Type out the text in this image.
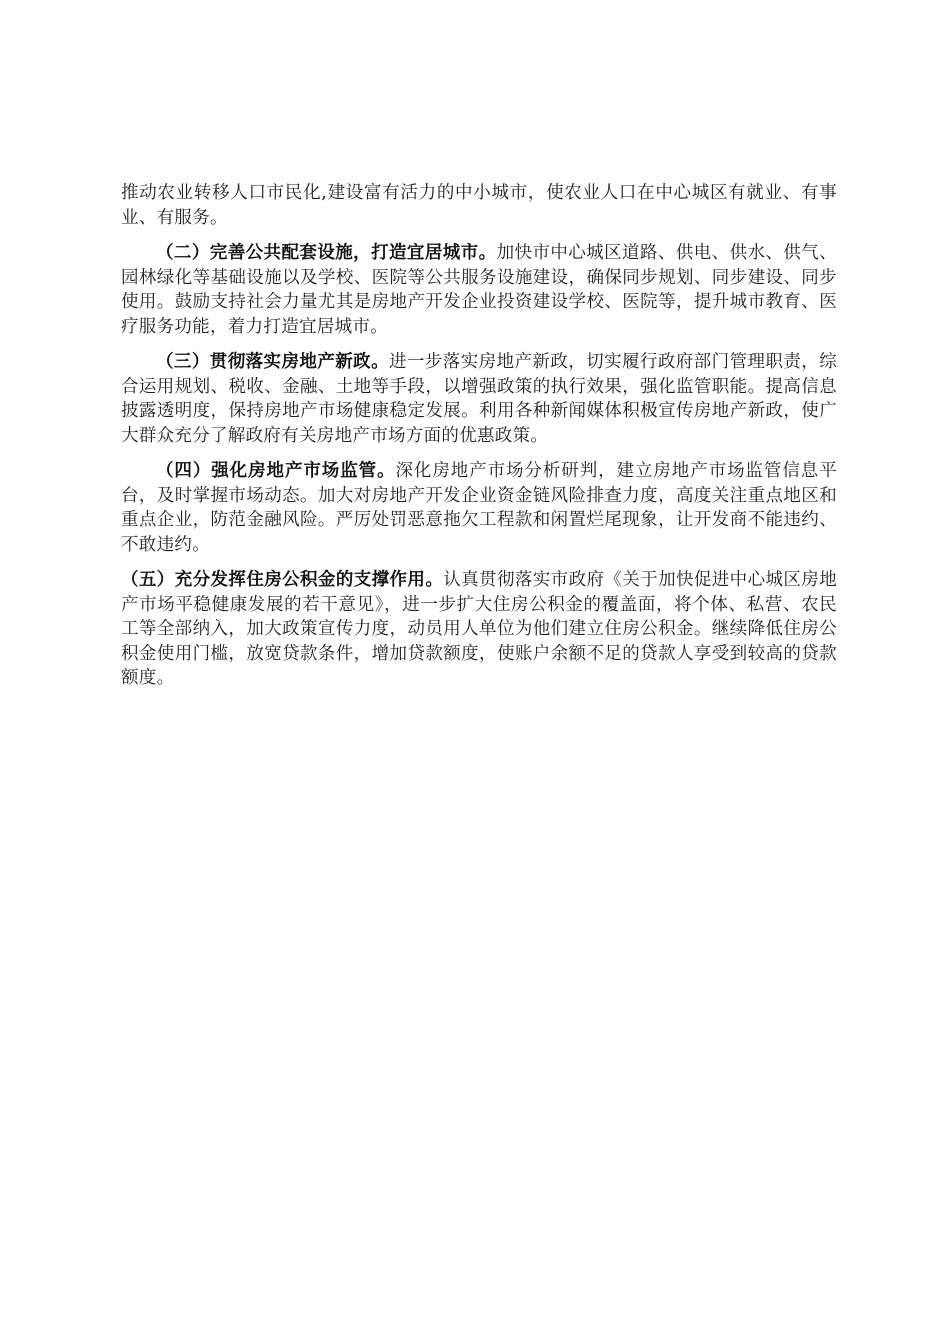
推动农业转移人口市民化,建设富有活力的中小城市，使农业人口在中心城区有就业、有事业、有服务。

（二）完善公共配套设施，打造宜居城市。加快市中心城区道路、供电、供水、供气、园林绿化等基础设施以及学校、医院等公共服务设施建设，确保同步规划、同步建设、同步使用。鼓励支持社会力量尤其是房地产开发企业投资建设学校、医院等，提升城市教育、医疗服务功能，着力打造宜居城市。

（三）贯彻落实房地产新政。进一步落实房地产新政，切实履行政府部门管理职责，综合运用规划、税收、金融、土地等手段，以增强政策的执行效果，强化监管职能。提高信息披露透明度，保持房地产市场健康稳定发展。利用各种新闻媒体积极宣传房地产新政，使广大群众充分了解政府有关房地产市场方面的优惠政策。

（四）强化房地产市场监管。深化房地产市场分析研判，建立房地产市场监管信息平台，及时掌握市场动态。加大对房地产开发企业资金链风险排查力度，高度关注重点地区和重点企业，防范金融风险。严厉处罚恶意拖欠工程款和闲置烂尾现象，让开发商不能违约、不敢违约。

（五）充分发挥住房公积金的支撑作用。认真贯彻落实市政府《关于加快促进中心城区房地产市场平稳健康发展的若干意见》，进一步扩大住房公积金的覆盖面，将个体、私营、农民工等全部纳入，加大政策宣传力度，动员用人单位为他们建立住房公积金。继续降低住房公积金使用门槛，放宽贷款条件，增加贷款额度，使账户余额不足的贷款人享受到较高的贷款额度。
